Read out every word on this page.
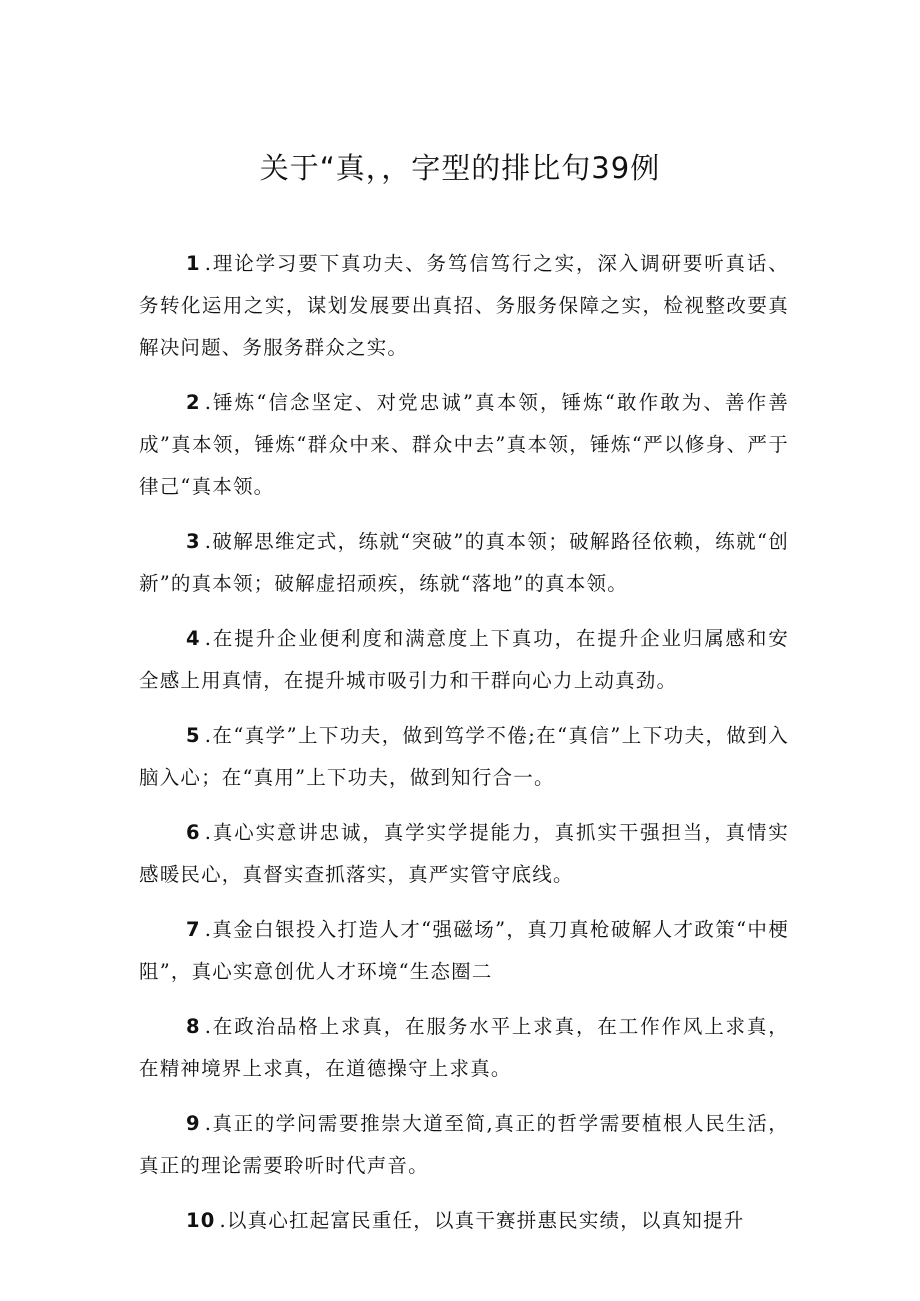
关于“真，，字型的排比句39例

1 .理论学习要下真功夫、务笃信笃行之实，深入调研要听真话、务转化运用之实，谋划发展要出真招、务服务保障之实，检视整改要真解决问题、务服务群众之实。

2 .锤炼“信念坚定、对党忠诚”真本领，锤炼“敢作敢为、善作善成”真本领，锤炼“群众中来、群众中去”真本领，锤炼“严以修身、严于律己“真本领。

3 .破解思维定式，练就“突破”的真本领；破解路径依赖，练就“创新”的真本领；破解虚招顽疾，练就“落地”的真本领。

4 .在提升企业便利度和满意度上下真功，在提升企业归属感和安全感上用真情，在提升城市吸引力和干群向心力上动真劲。

5 .在“真学”上下功夫，做到笃学不倦;在“真信”上下功夫，做到入脑入心；在“真用”上下功夫，做到知行合一。

6 .真心实意讲忠诚，真学实学提能力，真抓实干强担当，真情实感暖民心，真督实查抓落实，真严实管守底线。

7 .真金白银投入打造人才“强磁场”，真刀真枪破解人才政策“中梗阻”，真心实意创优人才环境“生态圈二

8 .在政治品格上求真，在服务水平上求真，在工作作风上求真，在精神境界上求真，在道德操守上求真。

9 .真正的学问需要推崇大道至简,真正的哲学需要植根人民生活，真正的理论需要聆听时代声音。

10 .以真心扛起富民重任，以真干赛拼惠民实绩，以真知提升
